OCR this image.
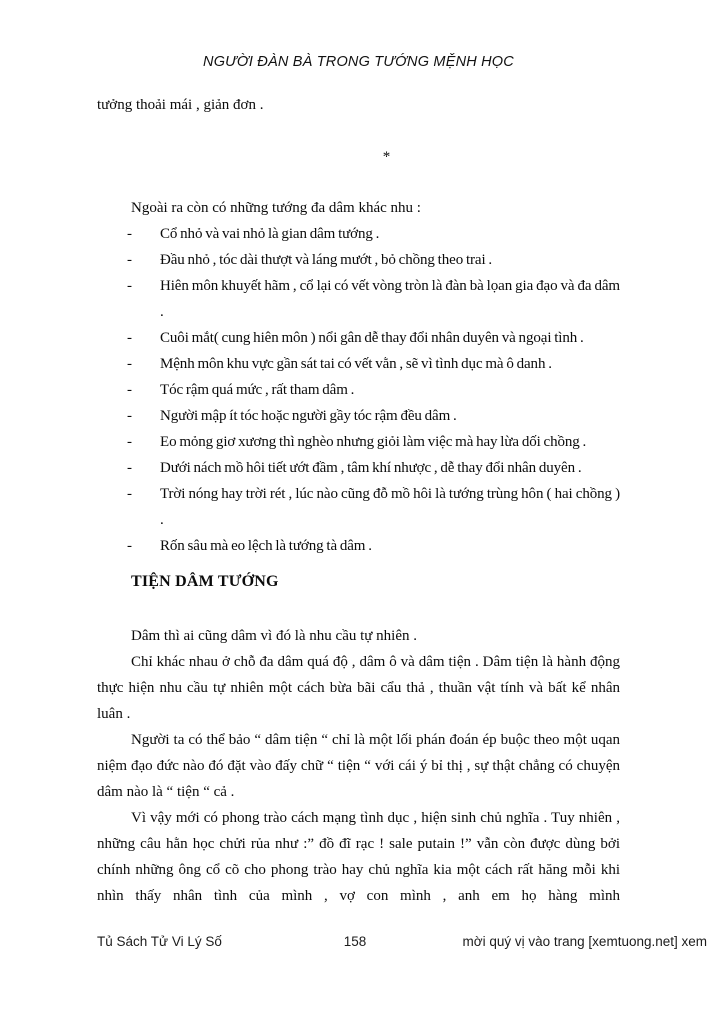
NGƯỜI ĐÀN BÀ TRONG TƯỚNG MỆNH HỌC

tưởng thoải mái , giản đơn .

*

Ngoài ra còn có những tướng đa dâm khác nhu :

- Cổ nhỏ và vai nhỏ là gian dâm tướng .
- Đầu nhỏ , tóc dài thượt và láng mướt , bỏ chồng theo trai .
- Hiên môn khuyết hãm , cổ lại có vết vòng tròn là đàn bà lọan gia đạo và đa dâm .
- Cuôi mắt( cung hiên môn ) nổi gân dễ thay đổi nhân duyên và ngoại tình .
- Mệnh môn khu vực gần sát tai có vết vằn , sẽ vì tình dục mà ô danh .
- Tóc rậm quá mức , rất tham dâm .
- Người mập ít tóc hoặc người gầy tóc rậm đều dâm .
- Eo mỏng giơ xương thì nghèo nhưng giỏi làm việc mà hay lừa dối chồng .
- Dưới nách mồ hôi tiết ướt đầm , tâm khí nhược , dễ thay đổi nhân duyên .
- Trời nóng hay trời rét , lúc nào cũng đỗ mồ hôi là tướng trùng hôn ( hai chồng ) .
- Rốn sâu mà eo lệch là tướng tà dâm .

TIỆN DÂM TƯỚNG

Dâm thì ai cũng dâm vì đó là nhu cầu tự nhiên .

Chỉ khác nhau ở chỗ đa dâm quá độ , dâm ô và dâm tiện . Dâm tiện là hành động thực hiện nhu cầu tự nhiên một cách bừa bãi cẩu thả , thuần vật tính và bất kể nhân luân .

Người ta có thể bảo “ dâm tiện “ chỉ là một lối phán đoán ép buộc theo một uqan niệm đạo đức nào đó đặt vào đấy chữ “ tiện “ với cái ý bỉ thị , sự thật chẳng có chuyện dâm nào là “ tiện “ cả .

Vì vậy mới có phong trào cách mạng tình dục , hiện sinh chủ nghĩa . Tuy nhiên , những câu hằn học chửi rủa như :” đồ đĩ rạc ! sale putain !” vẫn còn được dùng bởi chính những ông cổ cõ cho phong trào hay chủ nghĩa kia một cách rất hăng mỗi khi nhìn thấy nhân tình của mình , vợ con mình , anh em họ hàng mình

Tủ Sách Tử Vi Lý Số	158	mời quý vị vào trang [xemtuong.net] xem
